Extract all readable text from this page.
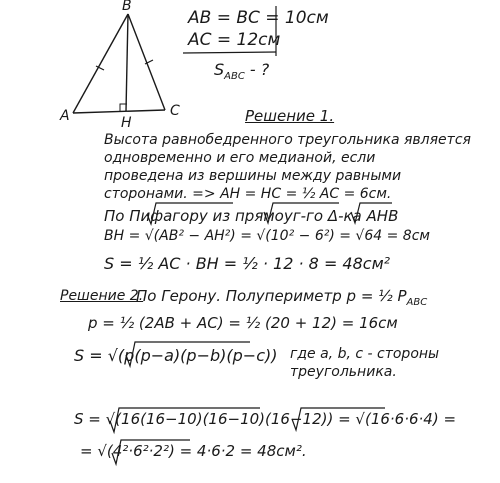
B
A	C
H
AB = BC = 10см
AC = 12см
$S_{ABC}$ - ?
Решение 1.
Высота равнобедренного треугольника является
одновременно и его медианой, если
проведена из вершины между равными
сторонами. => AH = HC = ½ AC = 6см.
По Пифагору из прямоуг-го Δ-ка AHB
BH = √(AB² − AH²) = √(10² − 6²) = √64 = 8см
S = ½ AC · BH = ½ · 12 · 8 = 48см²
Решение 2.
По Герону. Полупериметр p = ½ $P_{ABC}$
p = ½ (2AB + AC) = ½ (20 + 12) = 16см
S = √(p(p−a)(p−b)(p−c)) где a, b, c - стороны
треугольника.
S = √(16(16−10)(16−10)(16−12)) = √(16·6·6·4) =
= √(4²·6²·2²) = 4·6·2 = 48см².
